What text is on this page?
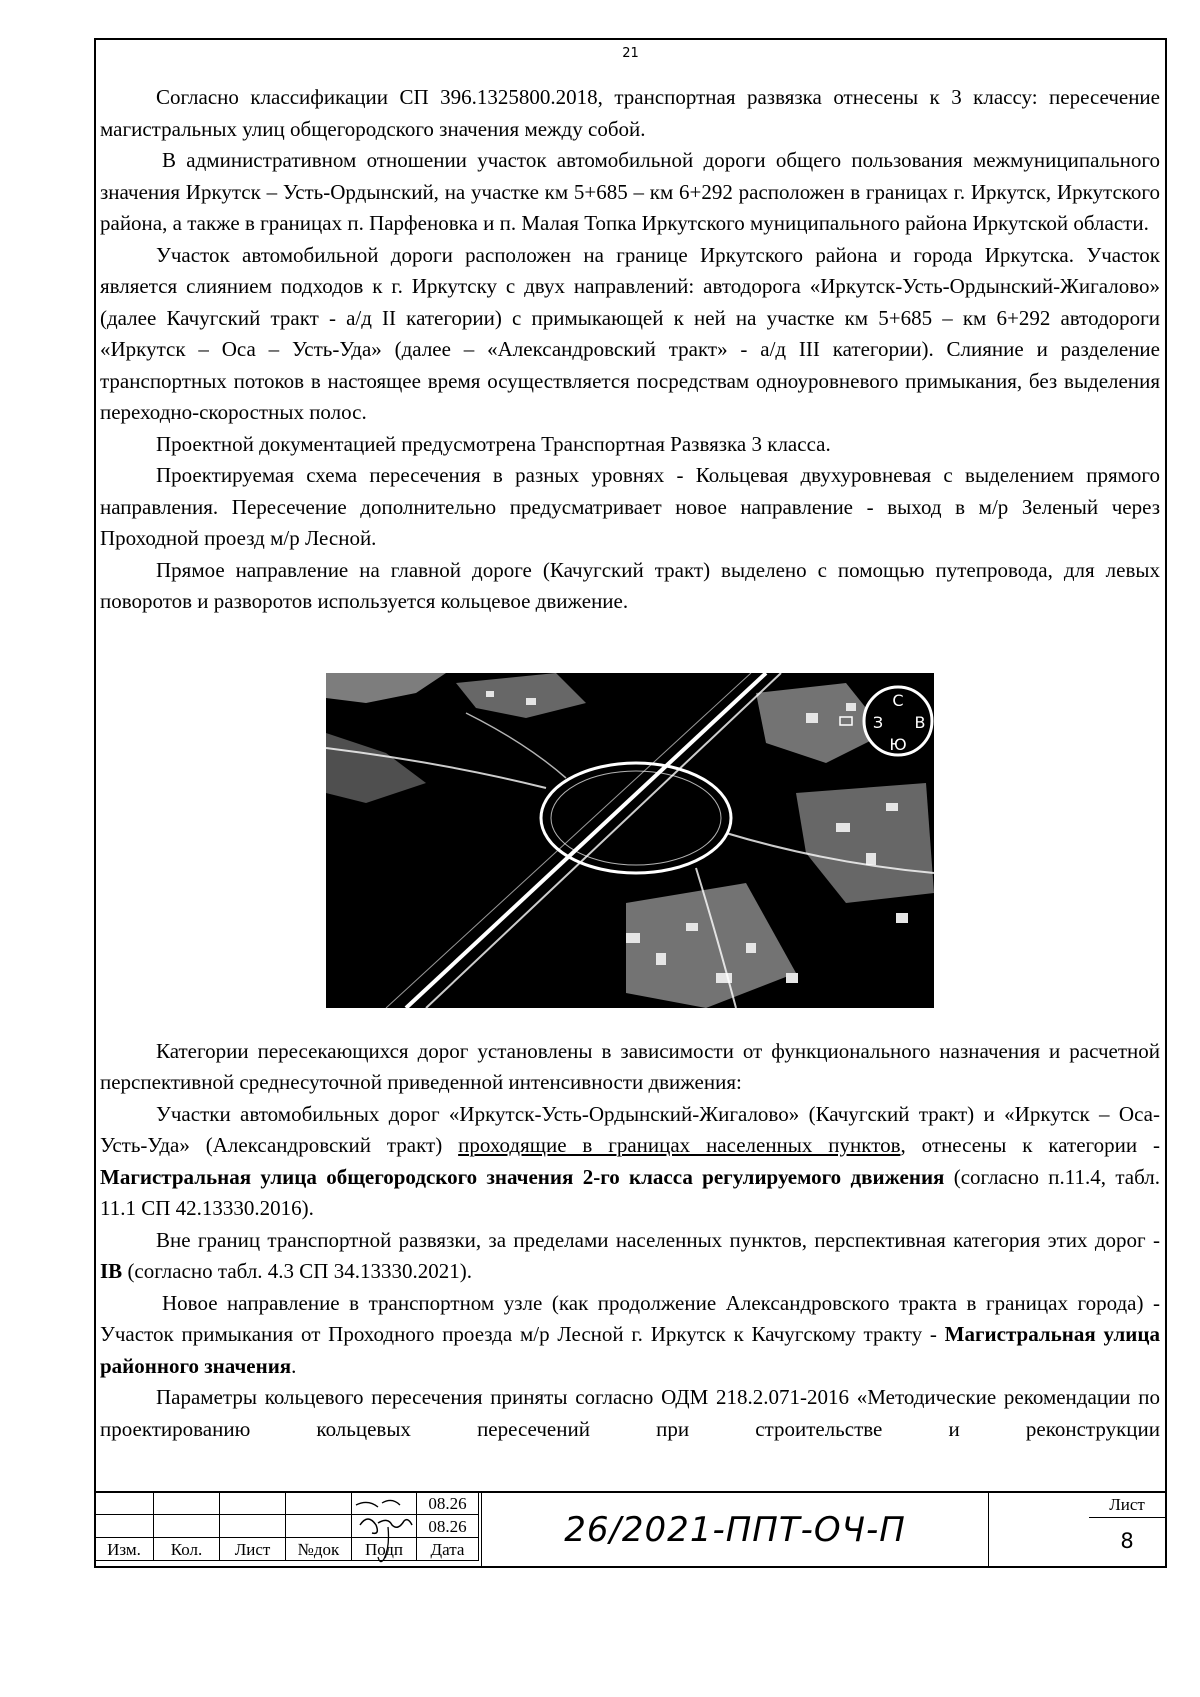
21

Согласно классификации СП 396.1325800.2018, транспортная развязка отнесены к 3 классу: пересечение магистральных улиц общегородского значения между собой.

В административном отношении участок автомобильной дороги общего пользования межмуниципального значения Иркутск – Усть-Ордынский, на участке км 5+685 – км 6+292 расположен в границах г. Иркутск, Иркутского района, а также в границах п. Парфеновка и п. Малая Топка Иркутского муниципального района Иркутской области.

Участок автомобильной дороги расположен на границе Иркутского района и города Иркутска. Участок является слиянием подходов к г. Иркутску с двух направлений: автодорога «Иркутск-Усть-Ордынский-Жигалово» (далее Качугский тракт - а/д II категории) с примыкающей к ней на участке км 5+685 – км 6+292 автодороги «Иркутск – Оса – Усть-Уда» (далее – «Александровский тракт» - а/д III категории). Слияние и разделение транспортных потоков в настоящее время осуществляется посредствам одноуровневого примыкания, без выделения переходно-скоростных полос.

Проектной документацией предусмотрена Транспортная Развязка 3 класса.

Проектируемая схема пересечения в разных уровнях - Кольцевая двухуровневая с выделением прямого направления. Пересечение дополнительно предусматривает новое направление - выход в м/р Зеленый через Проходной проезд м/р Лесной.

Прямое направление на главной дороге (Качугский тракт) выделено с помощью путепровода, для левых поворотов и разворотов используется кольцевое движение.

С
З В
Ю

Категории пересекающихся дорог установлены в зависимости от функционального назначения и расчетной перспективной среднесуточной приведенной интенсивности движения:

Участки автомобильных дорог «Иркутск-Усть-Ордынский-Жигалово» (Качугский тракт) и «Иркутск – Оса- Усть-Уда» (Александровский тракт) проходящие в границах населенных пунктов, отнесены к категории - Магистральная улица общегородского значения 2-го класса регулируемого движения (согласно п.11.4, табл. 11.1 СП 42.13330.2016).

Вне границ транспортной развязки, за пределами населенных пунктов, перспективная категория этих дорог - IB (согласно табл. 4.3 СП 34.13330.2021).

Новое направление в транспортном узле (как продолжение Александровского тракта в границах города) - Участок примыкания от Проходного проезда м/р Лесной г. Иркутск к Качугскому тракту - Магистральная улица районного значения.

Параметры кольцевого пересечения приняты согласно ОДМ 218.2.071-2016 «Методические рекомендации по проектированию кольцевых пересечений при строительстве и реконструкции

					08.26
					08.26
Изм.	Кол.	Лист	№док	Подп	Дата	26/2021-ППТ-ОЧ-П
Лист
8
